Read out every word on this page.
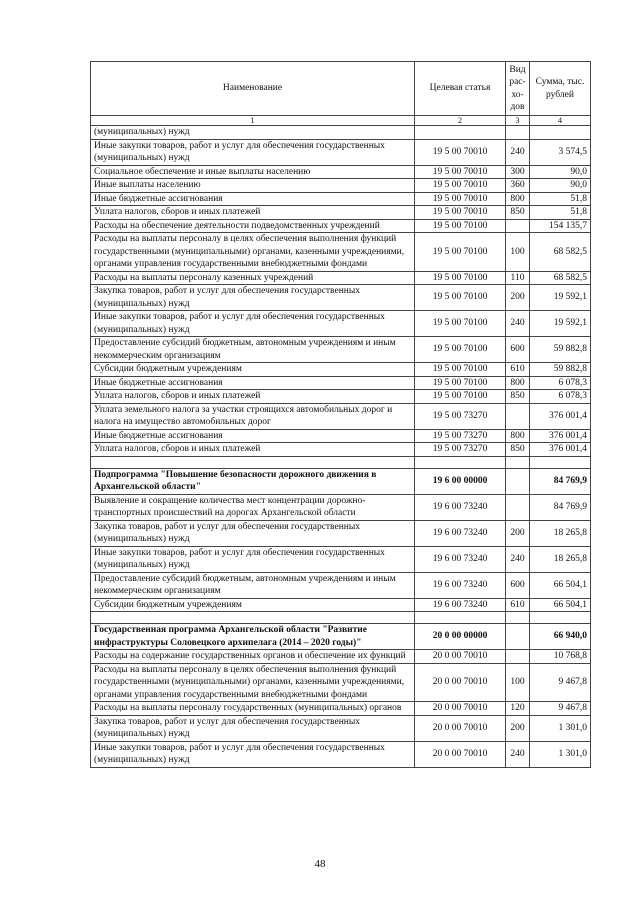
Наименование	Целевая статья	Вид рас-хо-дов	Сумма, тыс. рублей
1	2	3	4
(муниципальных) нужд			
Иные закупки товаров, работ и услуг для обеспечения государственных (муниципальных) нужд	19 5 00 70010	240	3 574,5
Социальное обеспечение и иные выплаты населению	19 5 00 70010	300	90,0
Иные выплаты населению	19 5 00 70010	360	90,0
Иные бюджетные ассигнования	19 5 00 70010	800	51,8
Уплата налогов, сборов и иных платежей	19 5 00 70010	850	51,8
Расходы на обеспечение деятельности подведомственных учреждений	19 5 00 70100		154 135,7
Расходы на выплаты персоналу в целях обеспечения выполнения функций государственными (муниципальными) органами, казенными учреждениями, органами управления государственными внебюджетными фондами	19 5 00 70100	100	68 582,5
Расходы на выплаты персоналу казенных учреждений	19 5 00 70100	110	68 582,5
Закупка товаров, работ и услуг для обеспечения государственных (муниципальных) нужд	19 5 00 70100	200	19 592,1
Иные закупки товаров, работ и услуг для обеспечения государственных (муниципальных) нужд	19 5 00 70100	240	19 592,1
Предоставление субсидий бюджетным, автономным учреждениям и иным некоммерческим организациям	19 5 00 70100	600	59 882,8
Субсидии бюджетным учреждениям	19 5 00 70100	610	59 882,8
Иные бюджетные ассигнования	19 5 00 70100	800	6 078,3
Уплата налогов, сборов и иных платежей	19 5 00 70100	850	6 078,3
Уплата земельного налога за участки строящихся автомобильных дорог и налога на имущество автомобильных дорог	19 5 00 73270		376 001,4
Иные бюджетные ассигнования	19 5 00 73270	800	376 001,4
Уплата налогов, сборов и иных платежей	19 5 00 73270	850	376 001,4

Подпрограмма "Повышение безопасности дорожного движения в Архангельской области"	19 6 00 00000		84 769,9
Выявление и сокращение количества мест концентрации дорожно-транспортных происшествий на дорогах Архангельской области	19 6 00 73240		84 769,9
Закупка товаров, работ и услуг для обеспечения государственных (муниципальных) нужд	19 6 00 73240	200	18 265,8
Иные закупки товаров, работ и услуг для обеспечения государственных (муниципальных) нужд	19 6 00 73240	240	18 265,8
Предоставление субсидий бюджетным, автономным учреждениям и иным некоммерческим организациям	19 6 00 73240	600	66 504,1
Субсидии бюджетным учреждениям	19 6 00 73240	610	66 504,1

Государственная программа Архангельской области "Развитие инфраструктуры Соловецкого архипелага (2014 – 2020 годы)"	20 0 00 00000		66 940,0
Расходы на содержание государственных органов и обеспечение их функций	20 0 00 70010		10 768,8
Расходы на выплаты персоналу в целях обеспечения выполнения функций государственными (муниципальными) органами, казенными учреждениями, органами управления государственными внебюджетными фондами	20 0 00 70010	100	9 467,8
Расходы на выплаты персоналу государственных (муниципальных) органов	20 0 00 70010	120	9 467,8
Закупка товаров, работ и услуг для обеспечения государственных (муниципальных) нужд	20 0 00 70010	200	1 301,0
Иные закупки товаров, работ и услуг для обеспечения государственных (муниципальных) нужд	20 0 00 70010	240	1 301,0
48
